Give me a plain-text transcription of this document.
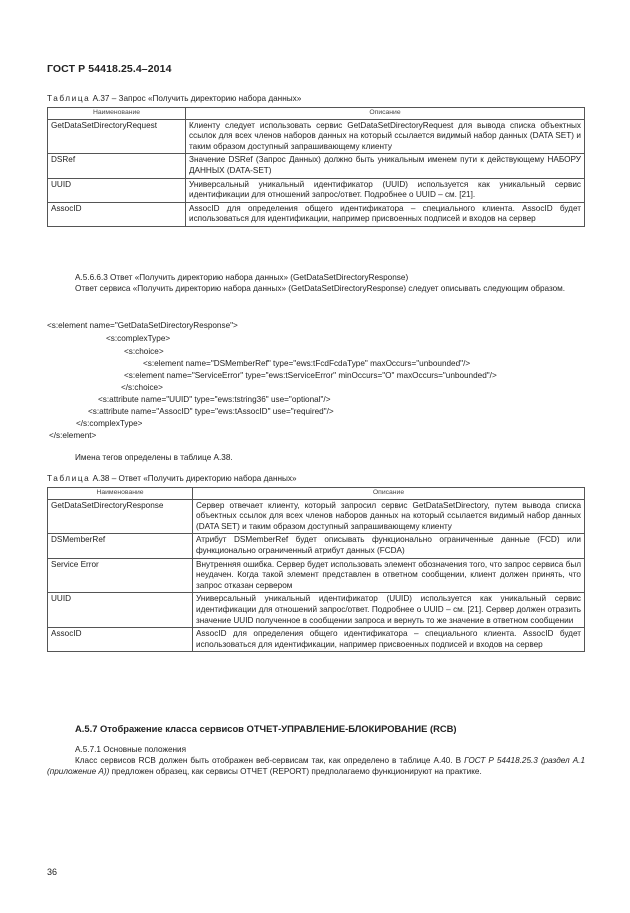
ГОСТ Р 54418.25.4–2014
Таблица А.37 – Запрос «Получить директорию набора данных»
Наименование	Описание
GetDataSetDirectoryRequest	Клиенту следует использовать сервис GetDataSetDirectoryRequest для вывода списка объектных ссылок для всех членов наборов данных на который ссылается видимый набор данных (DATA SET) и таким образом доступный запрашивающему клиенту
DSRef	Значение DSRef (Запрос Данных) должно быть уникальным именем пути к действующему НАБОРУ ДАННЫХ (DATA-SET)
UUID	Универсальный уникальный идентификатор (UUID) используется как уникальный сервис идентификации для отношений запрос/ответ. Подробнее о UUID – см. [21].
AssocID	AssocID для определения общего идентификатора – специального клиента. AssocID будет использоваться для идентификации, например присвоенных подписей и входов на сервер
А.5.6.6.3 Ответ «Получить директорию набора данных» (GetDataSetDirectoryResponse)
Ответ сервиса «Получить директорию набора данных» (GetDataSetDirectoryResponse) следует описывать следующим образом.
<s:element name="GetDataSetDirectoryResponse">
<s:complexType>
<s:choice>
<s:element name="DSMemberRef" type="ews:tFcdFcdaType" maxOccurs="unbounded"/>
<s:element name="ServiceError" type="ews:tServiceError" minOccurs="O" maxOccurs="unbounded"/>
</s:choice>
<s:attribute name="UUID" type="ews:tstring36" use="optional"/>
<s:attribute name="AssocID" type="ews:tAssocID" use="required"/>
</s:complexType>
</s:element>
Имена тегов определены в таблице А.38.
Таблица А.38 – Ответ «Получить директорию набора данных»
Наименование	Описание
GetDataSetDirectoryResponse	Сервер отвечает клиенту, который запросил сервис GetDataSetDirectory, путем вывода списка объектных ссылок для всех членов наборов данных на который ссылается видимый набор данных (DATA SET) и таким образом доступный запрашивающему клиенту
DSMemberRef	Атрибут DSMemberRef будет описывать функционально ограниченные данные (FCD) или функционально ограниченный атрибут данных (FCDA)
Service Error	Внутренняя ошибка. Сервер будет использовать элемент обозначения того, что запрос сервиса был неудачен. Когда такой элемент представлен в ответном сообщении, клиент должен принять, что запрос отказан сервером
UUID	Универсальный уникальный идентификатор (UUID) используется как уникальный сервис идентификации для отношений запрос/ответ. Подробнее о UUID – см. [21]. Сервер должен отразить значение UUID полученное в сообщении запроса и вернуть то же значение в ответном сообщении
AssocID	AssocID для определения общего идентификатора – специального клиента. AssocID будет использоваться для идентификации, например присвоенных подписей и входов на сервер
А.5.7 Отображение класса сервисов ОТЧЕТ-УПРАВЛЕНИЕ-БЛОКИРОВАНИЕ (RCB)
А.5.7.1 Основные положения
Класс сервисов RCB должен быть отображен веб-сервисам так, как определено в таблице А.40. В ГОСТ Р 54418.25.3 (раздел А.1 (приложение А)) предложен образец, как сервисы ОТЧЕТ (REPORT) предполагаемо функционируют на практике.
36
